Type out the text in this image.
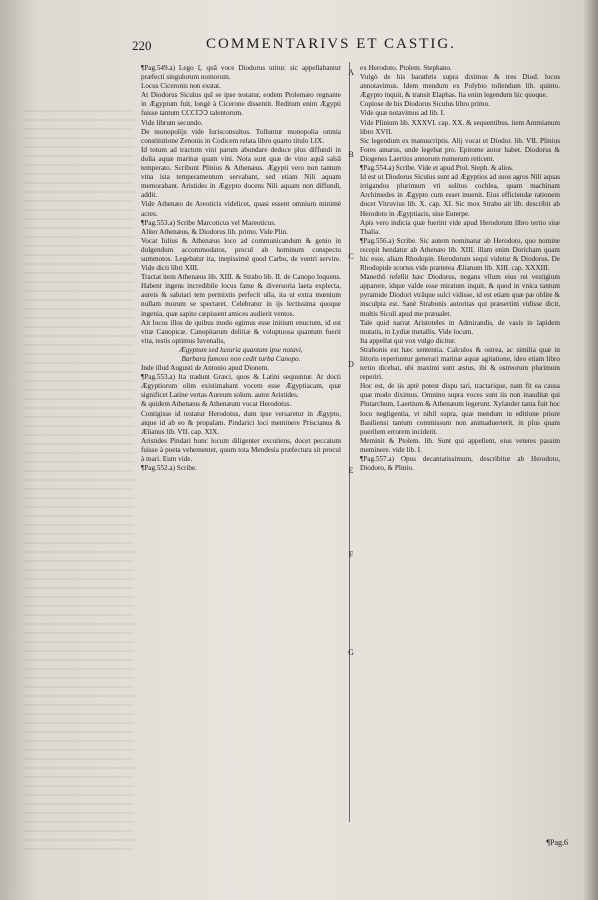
220	COMMENTARIVS ET CASTIG.

¶Pag.549.a) Lego ξ. quâ voce Diodorus utitur. sic appellabantur præfecti singulorum nomorum.

Locus Ciceronis non exstat.

At Diodorus Siculus quî se ipse testatur, eodem Ptolemæo regnante in Ægyptum fuit, longè à Cicerone dissentit. Reditum enim Ægypti fuisse tantum CCCIↃↃ talentorum.

Vide librum secundo.

De monopolijs vide Iurisconsultos. Tolluntur monopolia omnia constitutione Zenonis in Codicem relata libro quarto titulo LIX.

Id totum ad tractum vini parum abundare deduce plus diffundi in dolia aquæ marinæ quam vini. Nota sunt quæ de vino aquâ salsâ temperato. Scribunt Plinius & Athenæus. Ægypti vero non tantum vina ista temperamentum servabant, sed etiam Nili aquam memorabant. Aristides in Ægypto docens Nili aquam non diffundi, addit.

Vide Athenæo de Areoticis videlicet, quasi essent omnium minimè acres.

¶Pag.553.a) Scribe Marcoticus vel Mareoticus.

Aliter Athenæus, & Diodorus lib. primo. Vide Plin.

Vocat Iulius & Athenæus loco ad communicandum & genio in dulgendum accommodatos, procul ab hominum conspectu summotos. Legebatur ita, inepissimè quod Carbo, de ventri servire. Vide dicti libri XIII.

Tractat item Athenæus lib. XIII. & Strabo lib. II. de Canopo loquens. Habent ingens incredibile locus fame & diversoria laeta explecta, aureis & salutari tem permixtis perfecit ulla, ita ut extra mœnium nullam morum se spectaret. Celebratur in ijs lectissima quoque ingenia, quæ sapito cæpissent amices audierit ventos.

Ait locos illos de quibus modo egimus esse initium enuctum, id est vitæ Canopicæ. Canopitarum delitiæ & voluptuosa quantum fuerit vita, testis optimus Iuvenalis,

Ægyptum sed luxuria quantum ipse notavi,

Barbara famoso non cedit turba Canopo.

Inde illud Augusti de Antonio apud Dionem.

¶Pag.553.a) Ita tradunt Græci, quos & Latini sequuntur. At docti Ægyptiorum olim existimabant vocem esse Ægyptiacam, quæ significet Latine vertas Aureum solum. autor Aristides.

& quidem Athenæus & Athenæum vocat Herodotus.

Contigisse id testatur Herodotus, dum ipse versaretur in Ægypto, atque id ab eo & propalam. Pindarici loci meminere Priscianus & Ælianus lib. VII. cap. XIX.

Aristides Pindari hunc locum diligenter excutiens, docet peccatum fuisse à poeta vehementer, quum tota Mendesia præfectura sit procul à mari. Eum vide.

¶Pag.552.a) Scribe.

A
B
C
D
E
F
G

ex Herodoto. Ptolem. Stephano.

Vulgò de his barathris supra diximus & tres Diod. locos annotavimus. Idem mendum ex Polybio tollendum lib. quinto. Ægypto inquit, & transit Elaphas. Ita enim legendum hic quoque.

Copiose de his Diodorus Siculus libro primo.

Vide quæ notavimus ad lib. I.

Vide Plinium lib. XXXVI. cap. XX. & sequentibus. item Ammianum libro XVII.

Sic legendum ex manuscriptis. Alij vocat et Diodor. lib. VII. Plinius Fores amarus, unde legebat pro. Epitome autor habet. Diodorus & Diogenes Laertius annorum numerum reticent.

¶Pag.554.a) Scribe. Vide et apud Ptol. Steph. & alios.

Id est ut Diodorus Siculus sunt ad Ægyptios ad suos agros Nili aquas irrigandos plurimum vti solitos cochlea, quam machinam Archimedes in Ægypto cum esset inuenit. Eius efficiendæ rationem docet Vitruvius lib. X. cap. XI. Sic mox Strabo ait lib. describit ab Herodoto in Ægyptiacis, siue Euterpe.

Apis vero indicia quæ fuerint vide apud Herodotum libro tertio siue Thalia.

¶Pag.556.a) Scribe. Sic autem nominatur ab Herodoto, quo nomine recepit hendatur ab Athenæo lib. XIII. illam enim Doricham quam hic esse, aliam Rhodopin. Herodotum sequi videtur & Diodorus. De Rhodopide scortus vide præterea Ælianum lib. XIII. cap. XXXIII.

Manethô refellit hæc Diodorus, negans vllum eius rei vestigium apparere, idque valde esse miratum inquit, & quod in vnica tantum pyramide Diodori vtrâque sulci vidisse, id est etiam quæ pæ oblite & insculpta est. Sanè Strabonis autoritas qui præsertim vidisse dicit, multis Siculi apud me præualet.

Tale quid narrat Aristoteles in Admirandis, de vasis in lapidem mutatis, in Lydiæ metallis. Vide locum.

Ita appellat qui vox vulgo dicitur.

Strabonis est hæc sententia. Calculos & ostrea, ac similia quæ in littoris reperiuntur generari marinæ aquæ agitatione, ideo etiam libro tertio dicebat, ubi maximi sunt æstus, ibi & ostreorum plurimum reperiri.

Hoc est, de iis aptè potest dispu tari, tractarique, nam fit ea causa quæ modo diximus. Omnino supra voces sunt iis non inauditæ qui Plutarchum, Laertium & Athenæum legerunt. Xylander tanta fuit hoc loco negligentia, vt nihil supra, quæ mendum in editione priore Basiliensi tantum commissum non animaduerterit, in plus quam puerilem errorem inciderit.

Meminit & Ptolem. lib. Sunt qui appellent, eius veteres passim meminere. vide lib. I.

¶Pag.557.a) Opus decantatissimum, describitur ab Herodoto, Diodoro, & Plinio.

¶Pag.6
